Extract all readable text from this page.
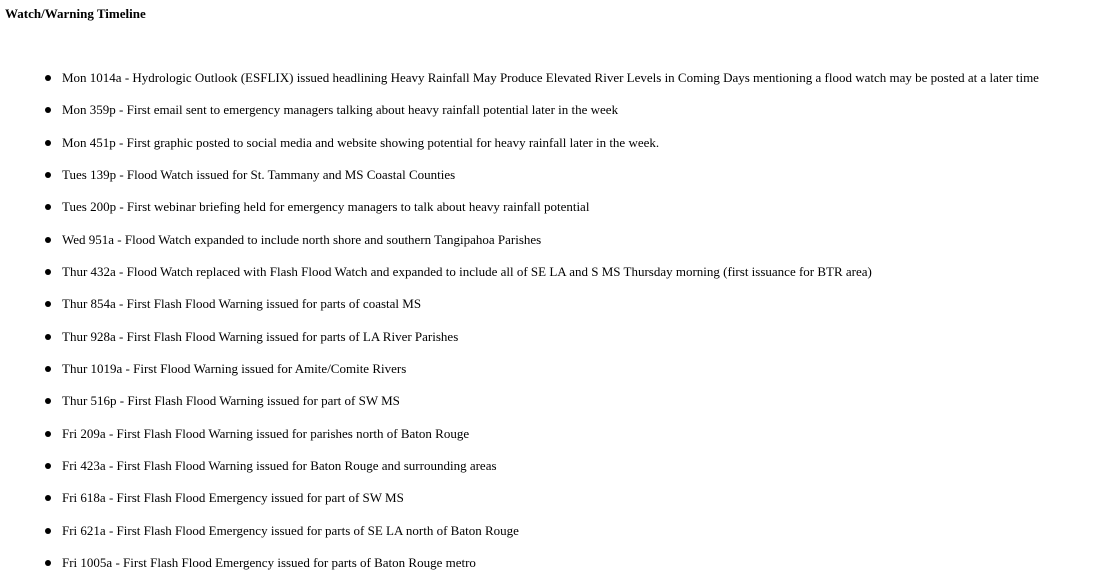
Watch/Warning Timeline
Mon 1014a - Hydrologic Outlook (ESFLIX) issued headlining Heavy Rainfall May Produce Elevated River Levels in Coming Days mentioning a flood watch may be posted at a later time
Mon 359p - First email sent to emergency managers talking about heavy rainfall potential later in the week
Mon 451p - First graphic posted to social media and website showing potential for heavy rainfall later in the week.
Tues 139p - Flood Watch issued for St. Tammany and MS Coastal Counties
Tues 200p - First webinar briefing held for emergency managers to talk about heavy rainfall potential
Wed 951a - Flood Watch expanded to include north shore and southern Tangipahoa Parishes
Thur 432a - Flood Watch replaced with Flash Flood Watch and expanded to include all of SE LA and S MS Thursday morning (first issuance for BTR area)
Thur 854a - First Flash Flood Warning issued for parts of coastal MS
Thur 928a - First Flash Flood Warning issued for parts of LA River Parishes
Thur 1019a - First Flood Warning issued for Amite/Comite Rivers
Thur 516p - First Flash Flood Warning issued for part of SW MS
Fri 209a - First Flash Flood Warning issued for parishes north of Baton Rouge
Fri 423a - First Flash Flood Warning issued for Baton Rouge and surrounding areas
Fri 618a - First Flash Flood Emergency issued for part of SW MS
Fri 621a - First Flash Flood Emergency issued for parts of SE LA north of Baton Rouge
Fri 1005a - First Flash Flood Emergency issued for parts of Baton Rouge metro
